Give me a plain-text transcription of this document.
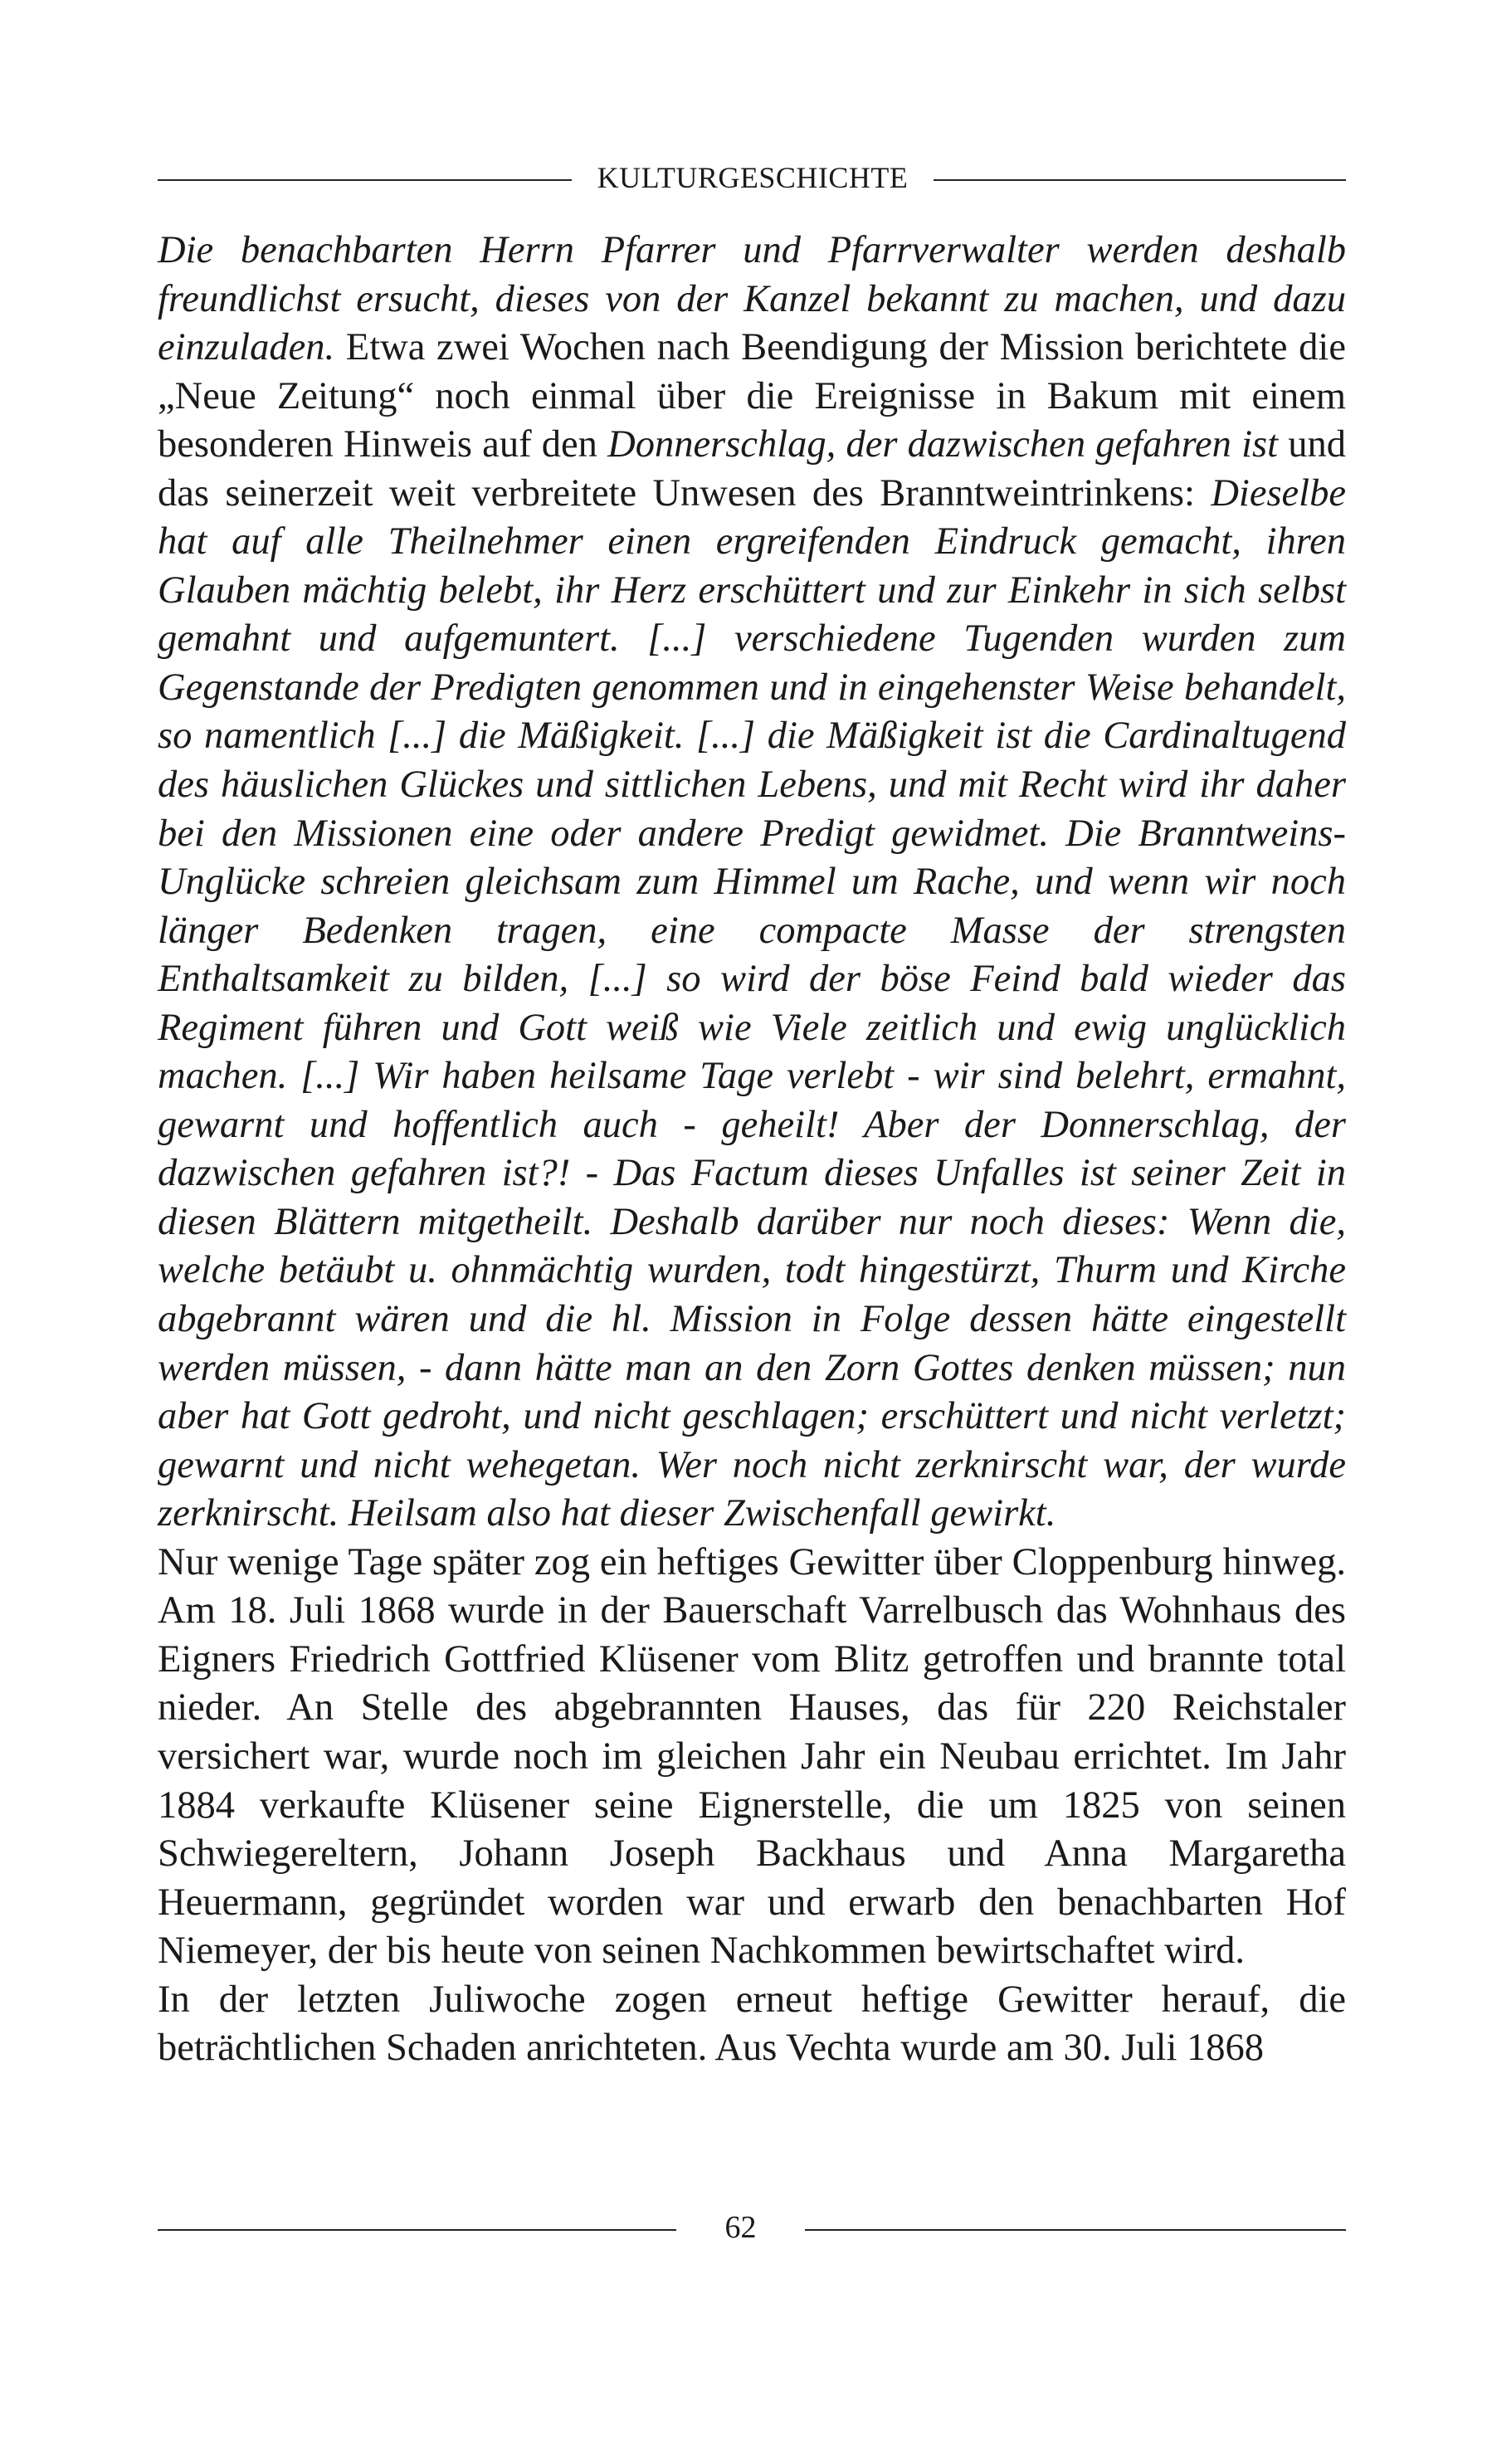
KULTURGESCHICHTE

Die benachbarten Herrn Pfarrer und Pfarrverwalter werden deshalb freundlichst ersucht, dieses von der Kanzel bekannt zu machen, und dazu einzuladen. Etwa zwei Wochen nach Beendigung der Mission berichtete die „Neue Zeitung“ noch einmal über die Ereignisse in Bakum mit einem besonderen Hinweis auf den Donnerschlag, der dazwischen gefahren ist und das seinerzeit weit verbreitete Unwesen des Branntweintrinkens: Dieselbe hat auf alle Theilnehmer einen ergreifenden Eindruck gemacht, ihren Glauben mächtig belebt, ihr Herz erschüttert und zur Einkehr in sich selbst gemahnt und aufgemuntert. [...] verschiedene Tugenden wurden zum Gegenstande der Predigten genommen und in eingehenster Weise behandelt, so namentlich [...] die Mäßigkeit. [...] die Mäßigkeit ist die Cardinaltugend des häuslichen Glückes und sittlichen Lebens, und mit Recht wird ihr daher bei den Missionen eine oder andere Predigt gewidmet. Die Branntweins-Unglücke schreien gleichsam zum Himmel um Rache, und wenn wir noch länger Bedenken tragen, eine compacte Masse der strengsten Enthaltsamkeit zu bilden, [...] so wird der böse Feind bald wieder das Regiment führen und Gott weiß wie Viele zeitlich und ewig unglücklich machen. [...] Wir haben heilsame Tage verlebt - wir sind belehrt, ermahnt, gewarnt und hoffentlich auch - geheilt! Aber der Donnerschlag, der dazwischen gefahren ist?! - Das Factum dieses Unfalles ist seiner Zeit in diesen Blättern mitgetheilt. Deshalb darüber nur noch dieses: Wenn die, welche betäubt u. ohnmächtig wurden, todt hingestürzt, Thurm und Kirche abgebrannt wären und die hl. Mission in Folge dessen hätte eingestellt werden müssen, - dann hätte man an den Zorn Gottes denken müssen; nun aber hat Gott gedroht, und nicht geschlagen; erschüttert und nicht verletzt; gewarnt und nicht wehegetan. Wer noch nicht zerknirscht war, der wurde zerknirscht. Heilsam also hat dieser Zwischenfall gewirkt.

Nur wenige Tage später zog ein heftiges Gewitter über Cloppenburg hinweg. Am 18. Juli 1868 wurde in der Bauerschaft Varrelbusch das Wohnhaus des Eigners Friedrich Gottfried Klüsener vom Blitz getroffen und brannte total nieder. An Stelle des abgebrannten Hauses, das für 220 Reichstaler versichert war, wurde noch im gleichen Jahr ein Neubau errichtet. Im Jahr 1884 verkaufte Klüsener seine Eignerstelle, die um 1825 von seinen Schwiegereltern, Johann Joseph Backhaus und Anna Margaretha Heuermann, gegründet worden war und erwarb den benachbarten Hof Niemeyer, der bis heute von seinen Nachkommen bewirtschaftet wird.

In der letzten Juliwoche zogen erneut heftige Gewitter herauf, die beträchtlichen Schaden anrichteten. Aus Vechta wurde am 30. Juli 1868

62
